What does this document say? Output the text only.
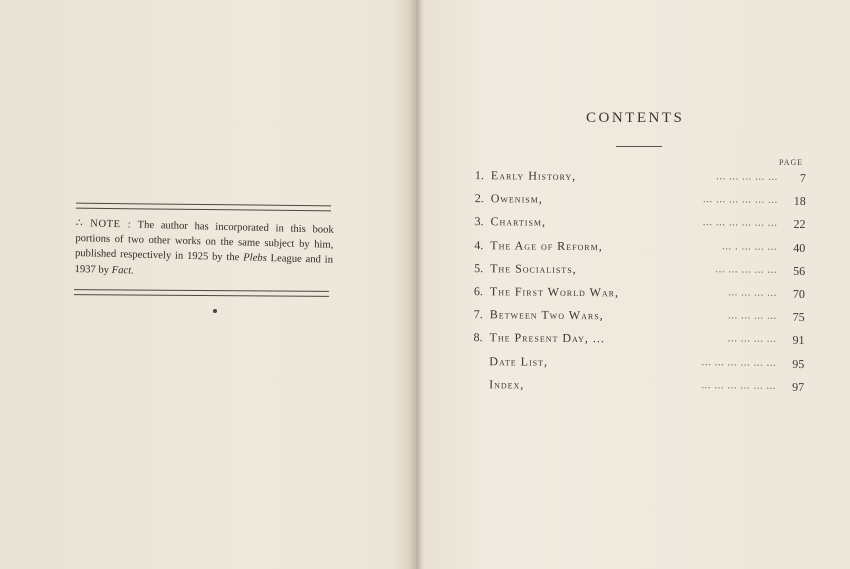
∴ NOTE : The author has incorporated in this book portions of two other works on the same subject by him, published respectively in 1925 by the Plebs League and in 1937 by Fact.
CONTENTS
PAGE
1. Early History,	... ... ... ... ...	7
2. Owenism,	... ... ... ... ... ...	18
3. Chartism,	... ... ... ... ... ...	22
4. The Age of Reform,	... . ... ... ...	40
5. The Socialists,	... ... ... ... ...	56
6. The First World War,	... ... ... ...	70
7. Between Two Wars,	... ... ... ...	75
8. The Present Day, ...	... ... ... ...	91
Date List,	... ... ... ... ... ...	95
Index,	... ... ... ... ... ...	97
